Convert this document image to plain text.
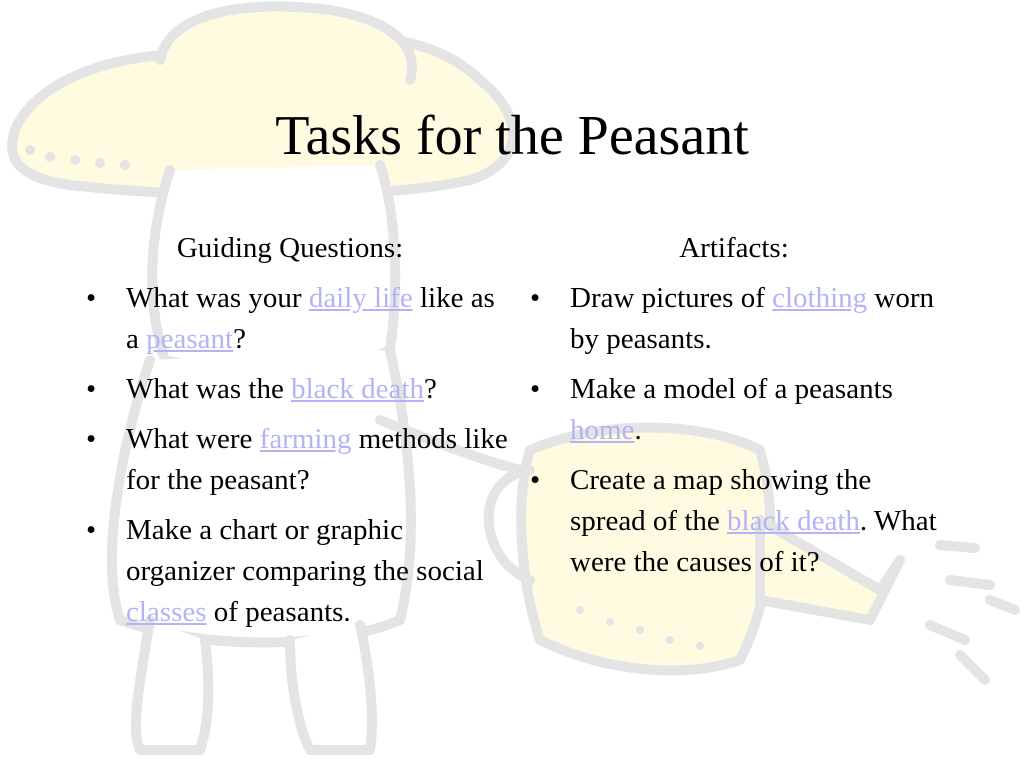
Tasks for the Peasant
Guiding Questions:
• What was your daily life like as a peasant?
• What was the black death?
• What were farming methods like for the peasant?
• Make a chart or graphic organizer comparing the social classes of peasants.
Artifacts:
• Draw pictures of clothing worn by peasants.
• Make a model of a peasants home.
• Create a map showing the spread of the black death. What were the causes of it?
